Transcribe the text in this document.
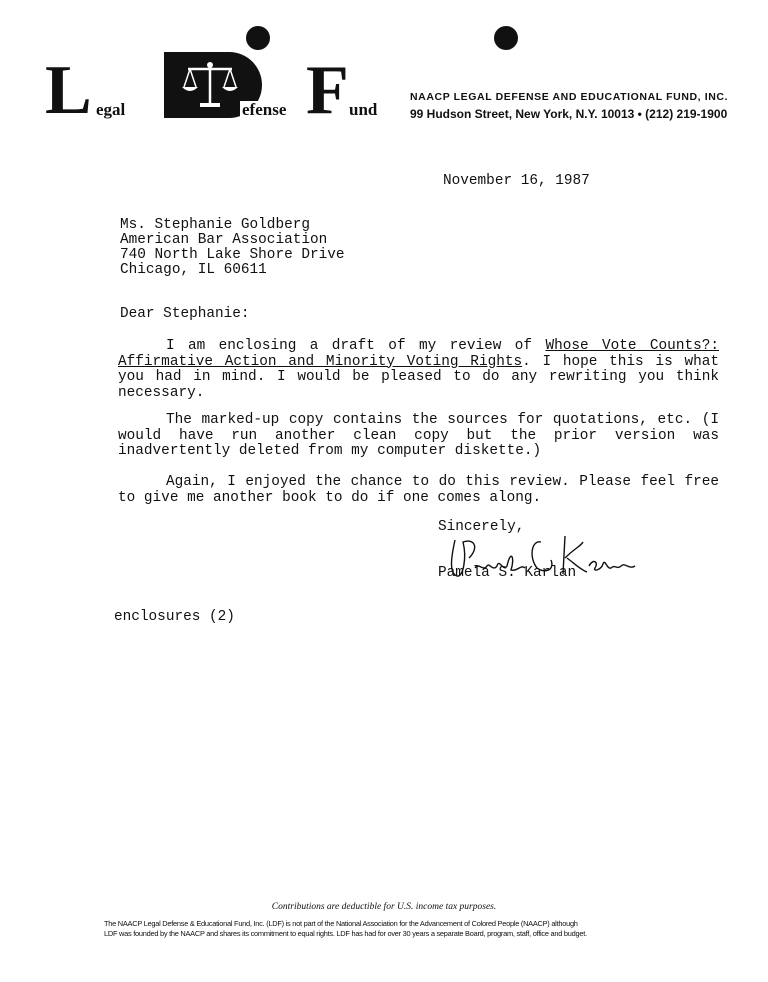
L egal	efense F und
NAACP LEGAL DEFENSE AND EDUCATIONAL FUND, INC.
99 Hudson Street, New York, N.Y. 10013 • (212) 219-1900
November 16, 1987
Ms. Stephanie Goldberg
American Bar Association
740 North Lake Shore Drive
Chicago, IL 60611
Dear Stephanie:
I am enclosing a draft of my review of Whose Vote Counts?: Affirmative Action and Minority Voting Rights. I hope this is what you had in mind. I would be pleased to do any rewriting you think necessary.
The marked-up copy contains the sources for quotations, etc. (I would have run another clean copy but the prior version was inadvertently deleted from my computer diskette.)
Again, I enjoyed the chance to do this review. Please feel free to give me another book to do if one comes along.
Sincerely,
Pamela S. Karlan
enclosures (2)
Contributions are deductible for U.S. income tax purposes.
The NAACP Legal Defense & Educational Fund, Inc. (LDF) is not part of the National Association for the Advancement of Colored People (NAACP) although
LDF was founded by the NAACP and shares its commitment to equal rights. LDF has had for over 30 years a separate Board, program, staff, office and budget.
